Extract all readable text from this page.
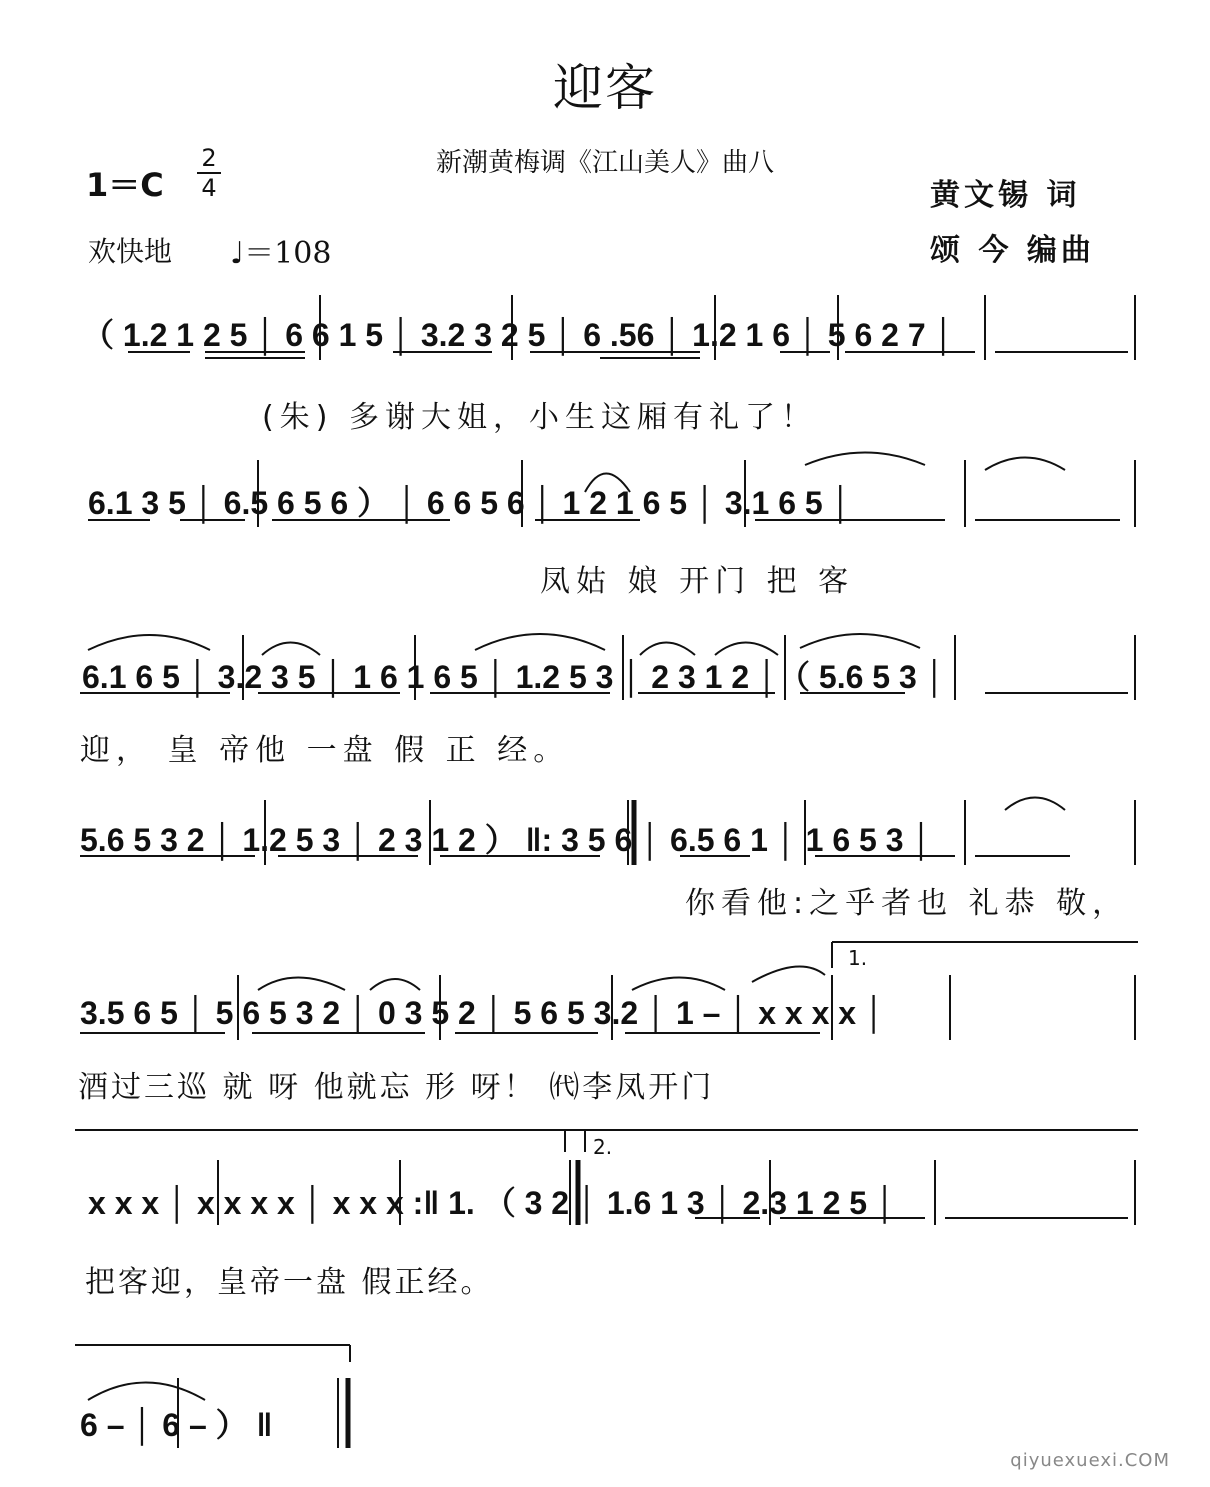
迎客
新潮黄梅调《江山美人》曲八
1＝C
2
4
欢快地 ♩＝108
黄文锡 词
颂 今 编曲
（ 1.2 1 2 5 │ 6 6 1 5 │ 3.2 3 2 5 │ 6 .56 │ 1.2 1 6 │ 5 6 2 7 │
(朱) 多谢大姐，小生这厢有礼了！
6.1 3 5 │ 6.5 6 5 6 ） │ 6 6 5 6 │ 1 2 1 6 5 │ 3.1 6 5 │
凤姑 娘 开门 把 客
6.1 6 5 │ 3.2 3 5 │ 1 6 1 6 5 │ 1.2 5 3 │ 2 3 1 2 │（ 5.6 5 3 │
迎， 皇 帝他 一盘 假 正 经。
5.6 5 3 2 │ 1.2 5 3 │ 2 3 1 2 ） ‖: 3 5 6 │ 6.5 6 1 │ 1 6 5 3 │
你看他:之乎者也 礼恭 敬，
3.5 6 5 │ 5 6 5 3 2 │ 0 3 5 2 │ 5 6 5 3.2 │ 1 – │ x x x x │
酒过三巡 就 呀 他就忘 形 呀！ ㈹李凤开门
1.
2.
x x x │ x x x x │ x x x :‖ 1. （ 3 2 │ 1.6 1 3 │ 2.3 1 2 5 │
把客迎，皇帝一盘 假正经。
6 – │ 6 – ） ‖
qiyuexuexi.COM
